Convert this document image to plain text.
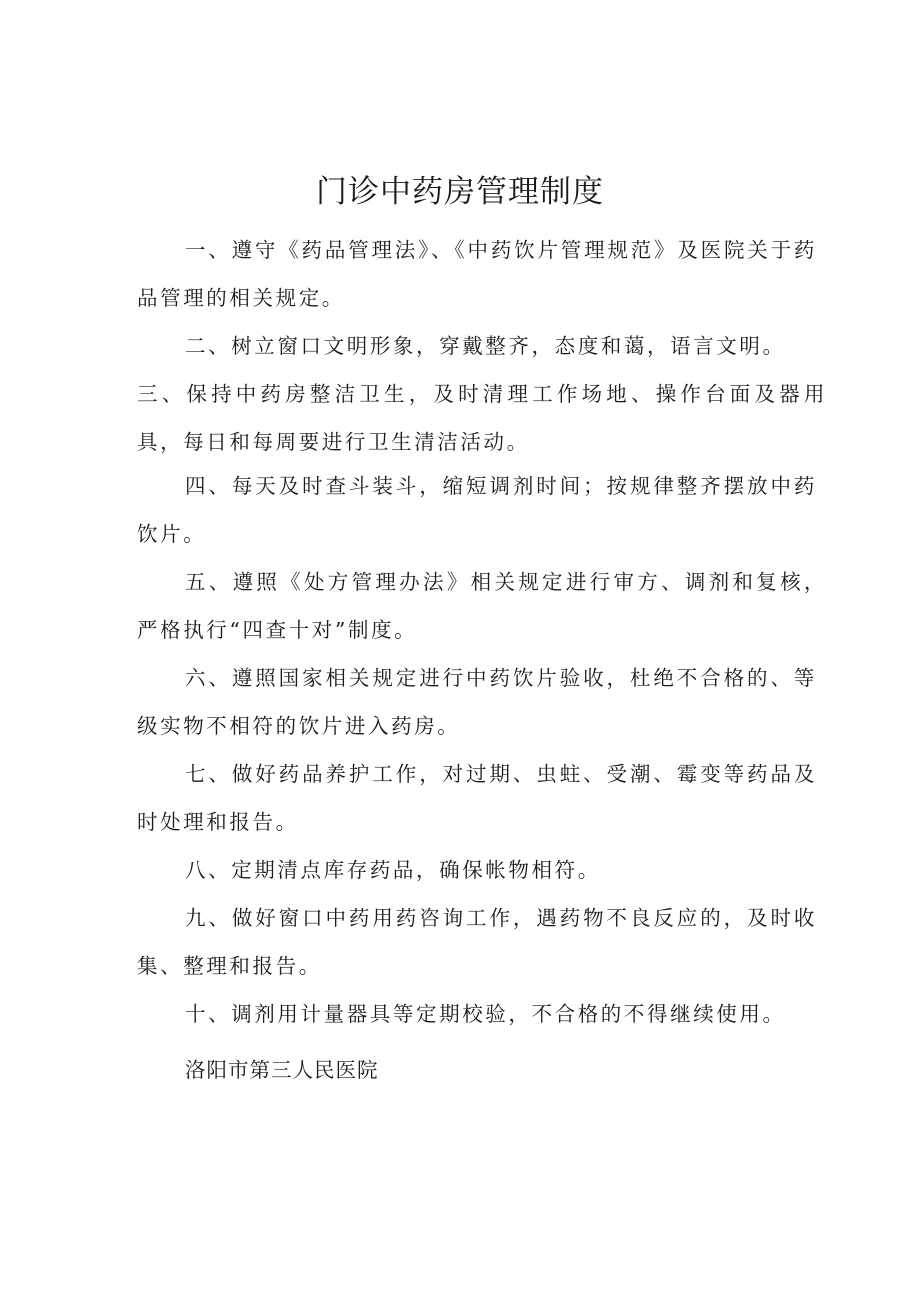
门诊中药房管理制度

一、遵守《药品管理法》、《中药饮片管理规范》及医院关于药品管理的相关规定。

二、树立窗口文明形象，穿戴整齐，态度和蔼，语言文明。

三、保持中药房整洁卫生，及时清理工作场地、操作台面及器用具，每日和每周要进行卫生清洁活动。

四、每天及时查斗装斗，缩短调剂时间；按规律整齐摆放中药饮片。

五、遵照《处方管理办法》相关规定进行审方、调剂和复核，严格执行“四查十对”制度。

六、遵照国家相关规定进行中药饮片验收，杜绝不合格的、等级实物不相符的饮片进入药房。

七、做好药品养护工作，对过期、虫蛀、受潮、霉变等药品及时处理和报告。

八、定期清点库存药品，确保帐物相符。

九、做好窗口中药用药咨询工作，遇药物不良反应的，及时收集、整理和报告。

十、调剂用计量器具等定期校验，不合格的不得继续使用。

洛阳市第三人民医院
